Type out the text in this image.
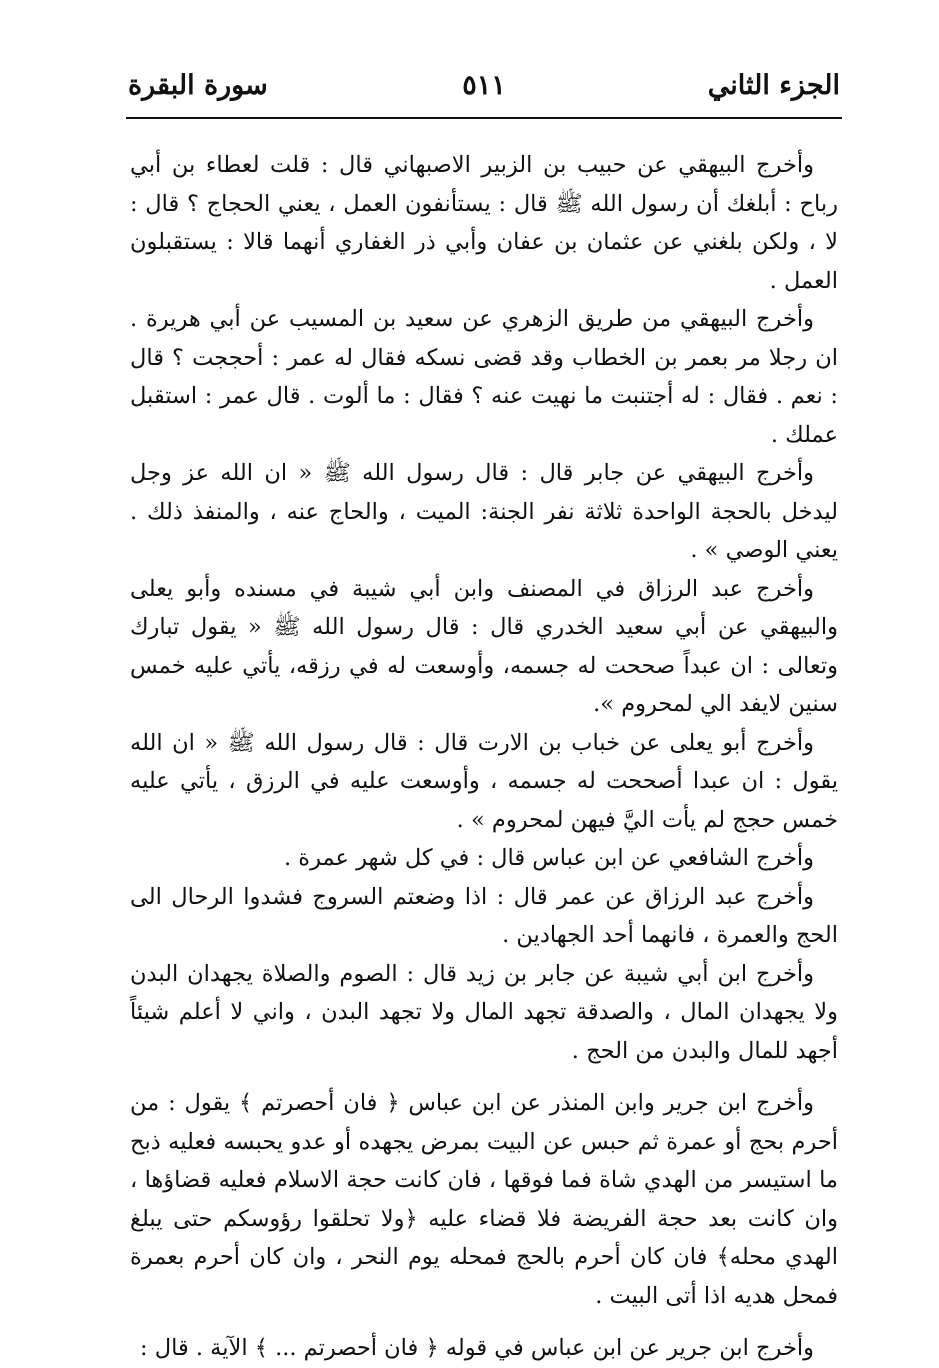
الجزء الثاني
٥١١
سورة البقرة

وأخرج البيهقي عن حبيب بن الزبير الاصبهاني قال : قلت لعطاء بن أبي رباح : أبلغك أن رسول الله ﷺ قال : يستأنفون العمل ، يعني الحجاج ؟ قال : لا ، ولكن بلغني عن عثمان بن عفان وأبي ذر الغفاري أنهما قالا : يستقبلون العمل .

وأخرج البيهقي من طريق الزهري عن سعيد بن المسيب عن أبي هريرة . ان رجلا مر بعمر بن الخطاب وقد قضى نسكه فقال له عمر : أحججت ؟ قال : نعم . فقال : له أجتنبت ما نهيت عنه ؟ فقال : ما ألوت . قال عمر : استقبل عملك .

وأخرج البيهقي عن جابر قال : قال رسول الله ﷺ « ان الله عز وجل ليدخل بالحجة الواحدة ثلاثة نفر الجنة: الميت ، والحاج عنه ، والمنفذ ذلك . يعني الوصي » .

وأخرج عبد الرزاق في المصنف وابن أبي شيبة في مسنده وأبو يعلى والبيهقي عن أبي سعيد الخدري قال : قال رسول الله ﷺ « يقول تبارك وتعالى : ان عبداً صححت له جسمه، وأوسعت له في رزقه، يأتي عليه خمس سنين لايفد الي لمحروم ».

وأخرج أبو يعلى عن خباب بن الارت قال : قال رسول الله ﷺ « ان الله يقول : ان عبدا أصححت له جسمه ، وأوسعت عليه في الرزق ، يأتي عليه خمس حجج لم يأت اليَّ فيهن لمحروم » .

وأخرج الشافعي عن ابن عباس قال : في كل شهر عمرة .

وأخرج عبد الرزاق عن عمر قال : اذا وضعتم السروج فشدوا الرحال الى الحج والعمرة ، فانهما أحد الجهادين .

وأخرج ابن أبي شيبة عن جابر بن زيد قال : الصوم والصلاة يجهدان البدن ولا يجهدان المال ، والصدقة تجهد المال ولا تجهد البدن ، واني لا أعلم شيئاً أجهد للمال والبدن من الحج .

وأخرج ابن جرير وابن المنذر عن ابن عباس ﴿ فان أحصرتم ﴾ يقول : من أحرم بحج أو عمرة ثم حبس عن البيت بمرض يجهده أو عدو يحبسه فعليه ذبح ما استيسر من الهدي شاة فما فوقها ، فان كانت حجة الاسلام فعليه قضاؤها ، وان كانت بعد حجة الفريضة فلا قضاء عليه ﴿ولا تحلقوا رؤوسكم حتى يبلغ الهدي محله﴾ فان كان أحرم بالحج فمحله يوم النحر ، وان كان أحرم بعمرة فمحل هديه اذا أتى البيت .

وأخرج ابن جرير عن ابن عباس في قوله ﴿ فان أحصرتم ... ﴾ الآية . قال :
